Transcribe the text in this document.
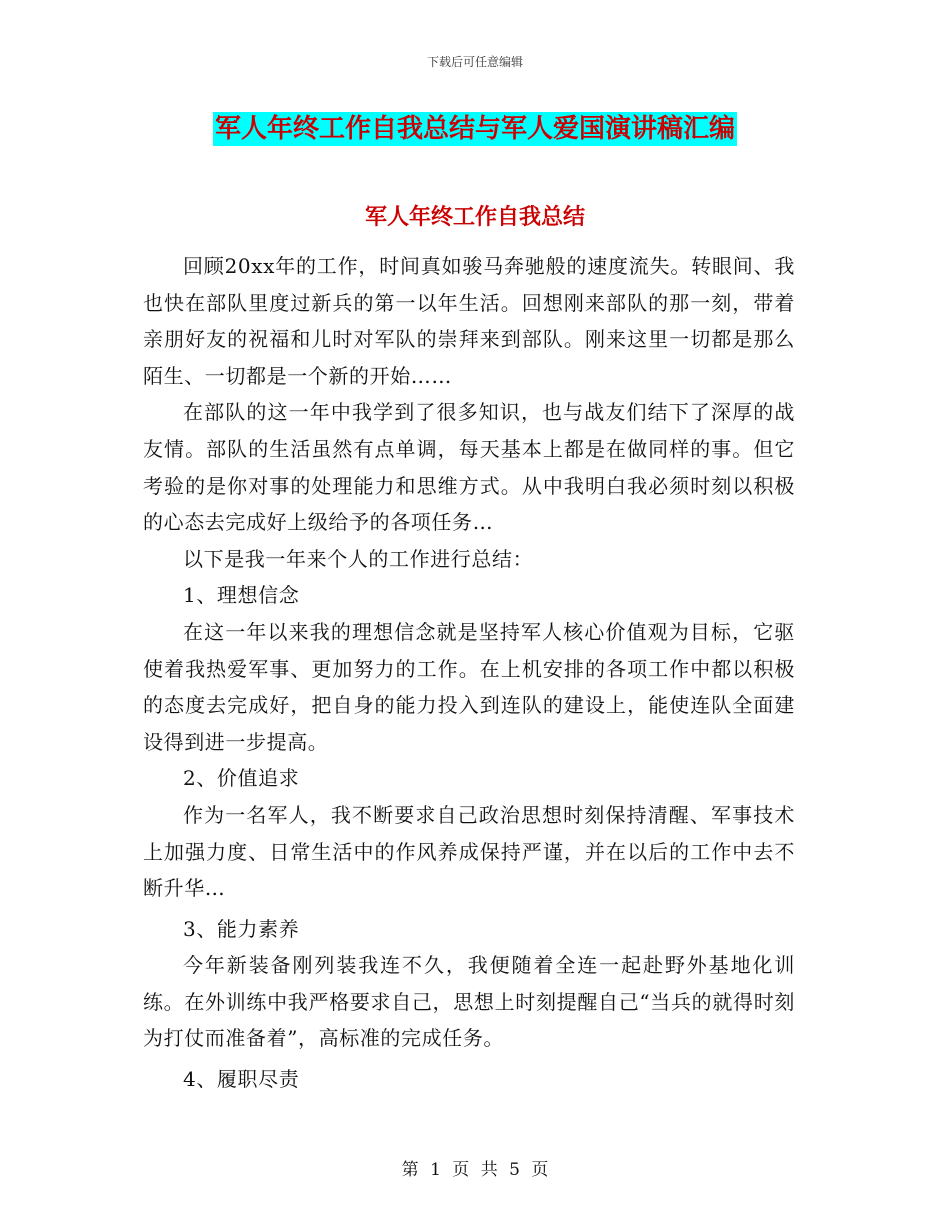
下载后可任意编辑
军人年终工作自我总结与军人爱国演讲稿汇编
军人年终工作自我总结

回顾20xx年的工作，时间真如骏马奔驰般的速度流失。转眼间、我也快在部队里度过新兵的第一以年生活。回想刚来部队的那一刻，带着亲朋好友的祝福和儿时对军队的崇拜来到部队。刚来这里一切都是那么陌生、一切都是一个新的开始……

在部队的这一年中我学到了很多知识，也与战友们结下了深厚的战友情。部队的生活虽然有点单调，每天基本上都是在做同样的事。但它考验的是你对事的处理能力和思维方式。从中我明白我必须时刻以积极的心态去完成好上级给予的各项任务…

以下是我一年来个人的工作进行总结：

1、理想信念

在这一年以来我的理想信念就是坚持军人核心价值观为目标，它驱使着我热爱军事、更加努力的工作。在上机安排的各项工作中都以积极的态度去完成好，把自身的能力投入到连队的建设上，能使连队全面建设得到进一步提高。

2、价值追求

作为一名军人，我不断要求自己政治思想时刻保持清醒、军事技术上加强力度、日常生活中的作风养成保持严谨，并在以后的工作中去不断升华…

3、能力素养

今年新装备刚列装我连不久，我便随着全连一起赴野外基地化训练。在外训练中我严格要求自己，思想上时刻提醒自己“当兵的就得时刻为打仗而准备着”，高标准的完成任务。

4、履职尽责

第 1 页 共 5 页
